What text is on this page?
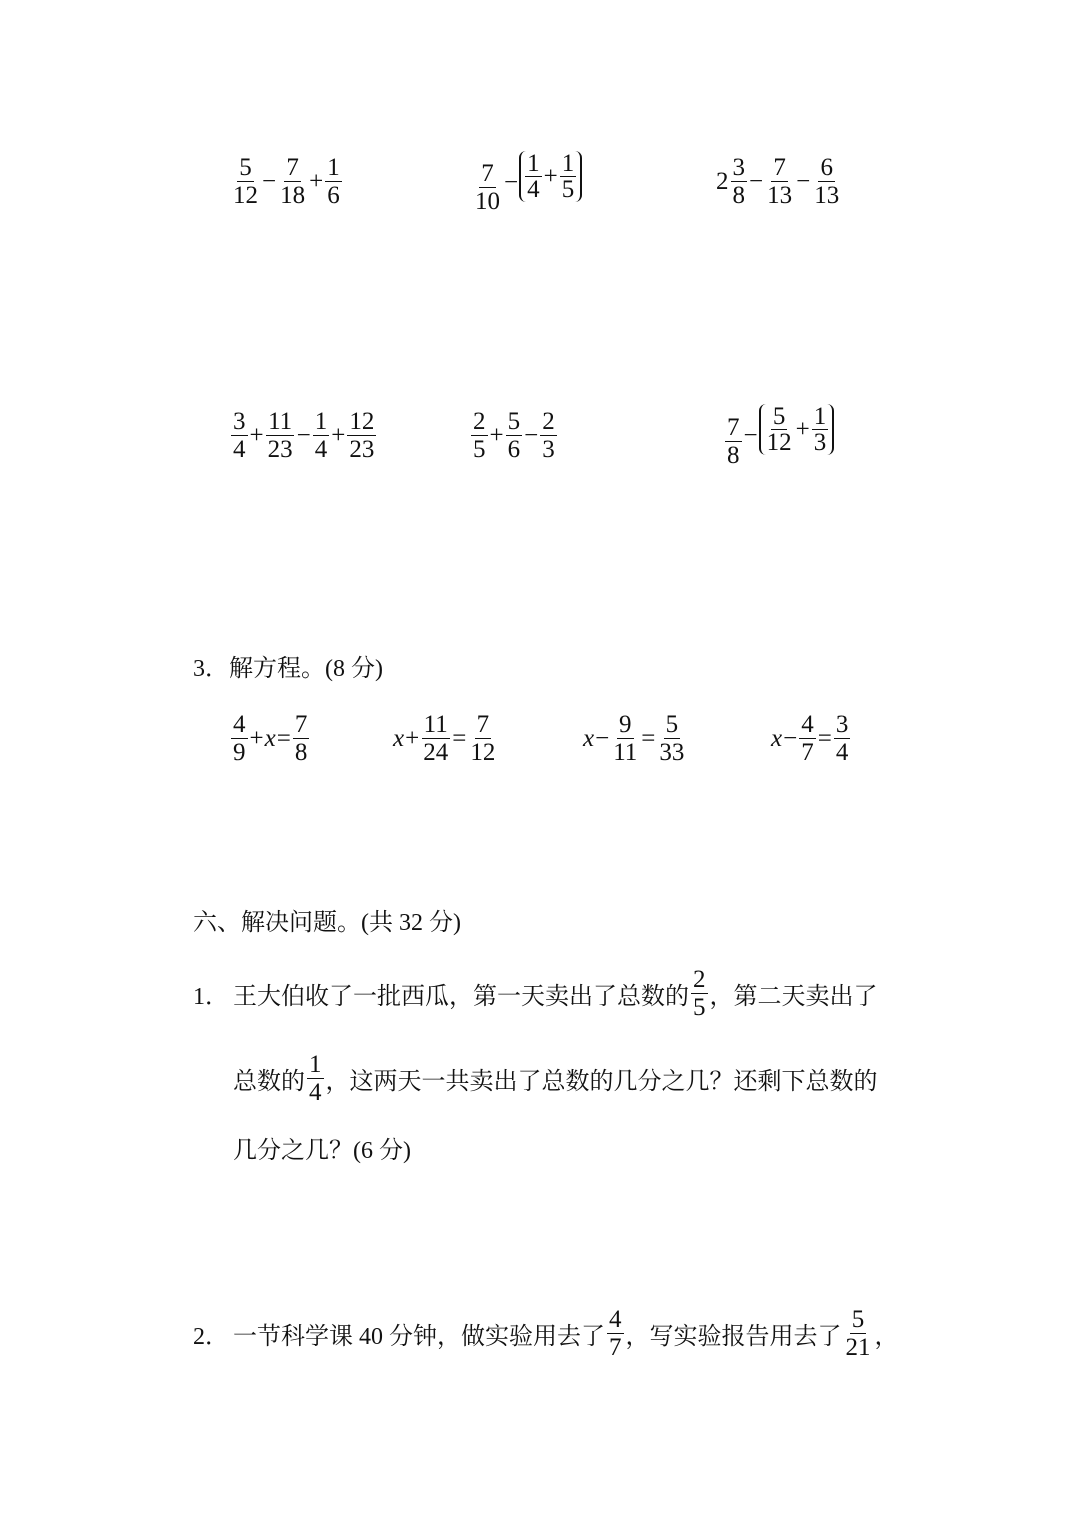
$\frac{5}{12} - \frac{7}{18} + \frac{1}{6}$	$\frac{7}{10} - \frac{1}{4} + \frac{1}{5}$	$2 \frac{3}{8} - \frac{7}{13} - \frac{6}{13}$
$\frac{3}{4} + \frac{11}{23} - \frac{1}{4} + \frac{12}{23}$	$\frac{2}{5} + \frac{5}{6} - \frac{2}{3}$	$\frac{7}{8} - \frac{5}{12} + \frac{1}{3}$
3．解方程。(8 分)
$\frac{4}{9} + x = \frac{7}{8}$	$x + \frac{11}{24} = \frac{7}{12}$	$x - \frac{9}{11} = \frac{5}{33}$	$x - \frac{4}{7} = \frac{3}{4}$
六、解决问题。(共 32 分)
1． 王大伯收了一批西瓜，第一天卖出了总数的 $\frac{2}{5}$ ，第二天卖出了
总数的 $\frac{1}{4}$ ，这两天一共卖出了总数的几分之几？还剩下总数的
几分之几？(6 分)
2． 一节科学课 40 分钟，做实验用去了 $\frac{4}{7}$ ，写实验报告用去了 $\frac{5}{21}$ ，
